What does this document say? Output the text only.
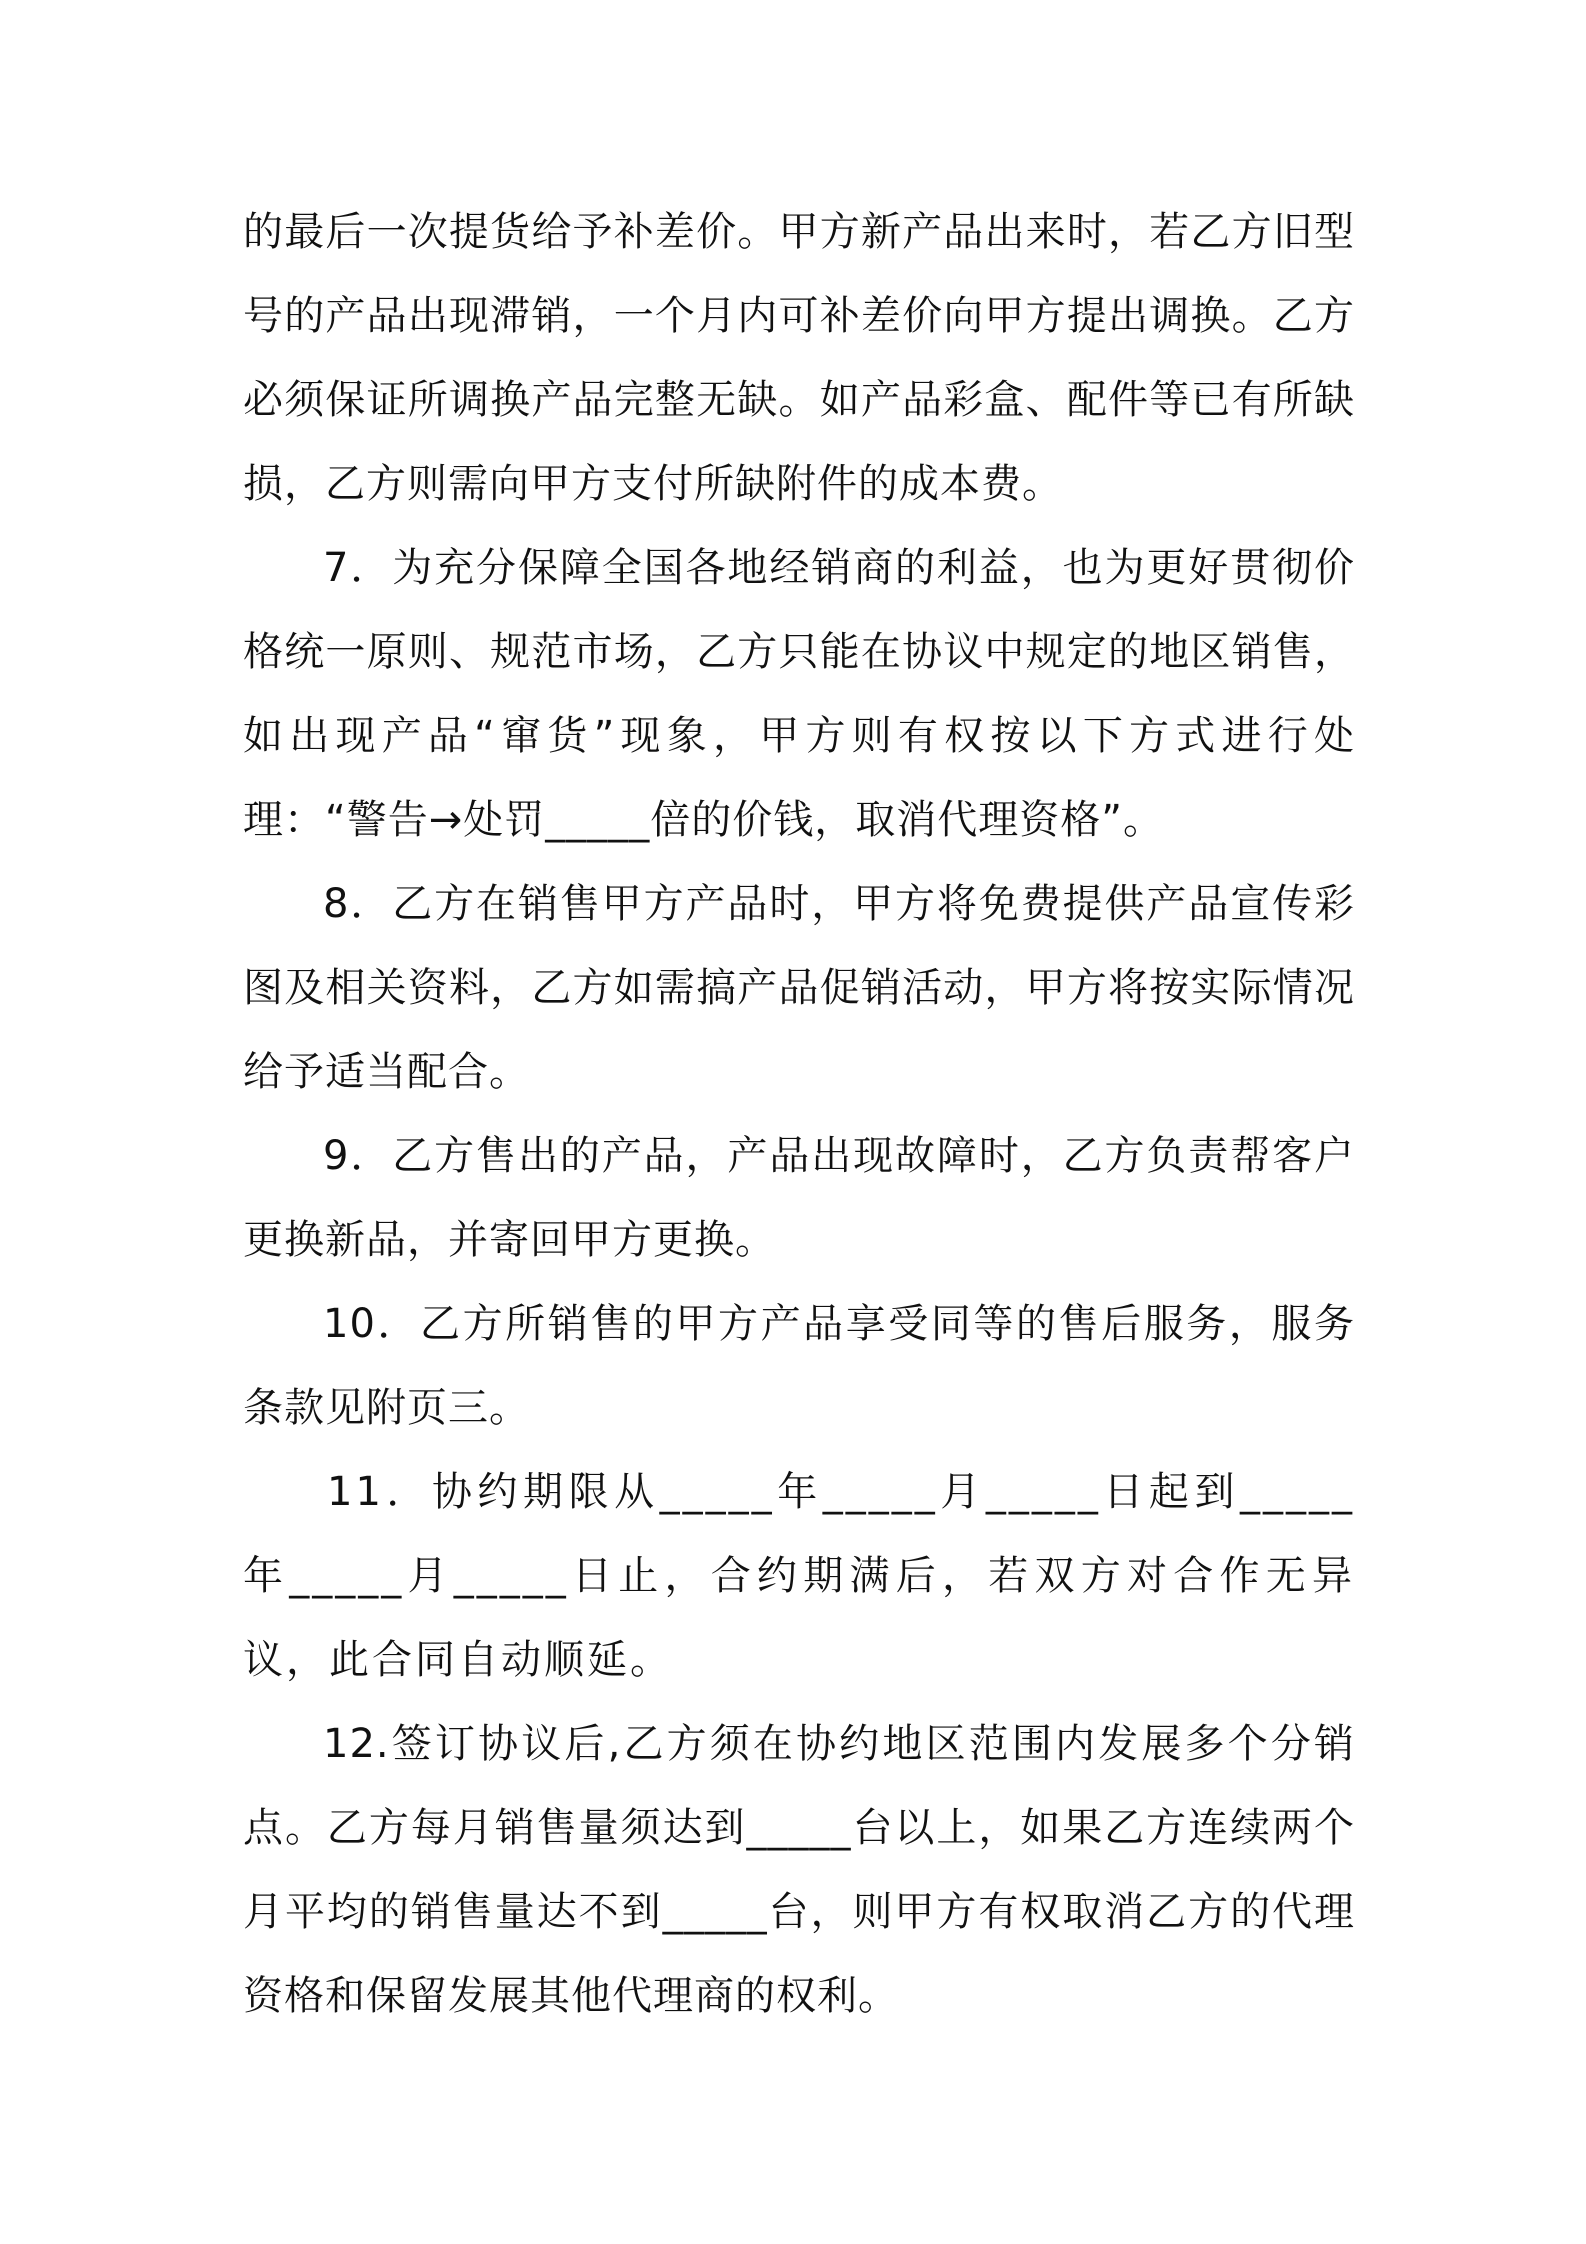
的最后一次提货给予补差价。甲方新产品出来时，若乙方旧型号的产品出现滞销，一个月内可补差价向甲方提出调换。乙方必须保证所调换产品完整无缺。如产品彩盒、配件等已有所缺损，乙方则需向甲方支付所缺附件的成本费。

7．为充分保障全国各地经销商的利益，也为更好贯彻价格统一原则、规范市场，乙方只能在协议中规定的地区销售，如出现产品“窜货”现象，甲方则有权按以下方式进行处理：“警告→处罚_____倍的价钱，取消代理资格”。

8．乙方在销售甲方产品时，甲方将免费提供产品宣传彩图及相关资料，乙方如需搞产品促销活动，甲方将按实际情况给予适当配合。

9．乙方售出的产品，产品出现故障时，乙方负责帮客户更换新品，并寄回甲方更换。

10．乙方所销售的甲方产品享受同等的售后服务，服务条款见附页三。

11．协约期限从_____年_____月_____日起到_____年_____月_____日止，合约期满后，若双方对合作无异议，此合同自动顺延。

12.签订协议后,乙方须在协约地区范围内发展多个分销点。乙方每月销售量须达到_____台以上，如果乙方连续两个月平均的销售量达不到_____台，则甲方有权取消乙方的代理资格和保留发展其他代理商的权利。
